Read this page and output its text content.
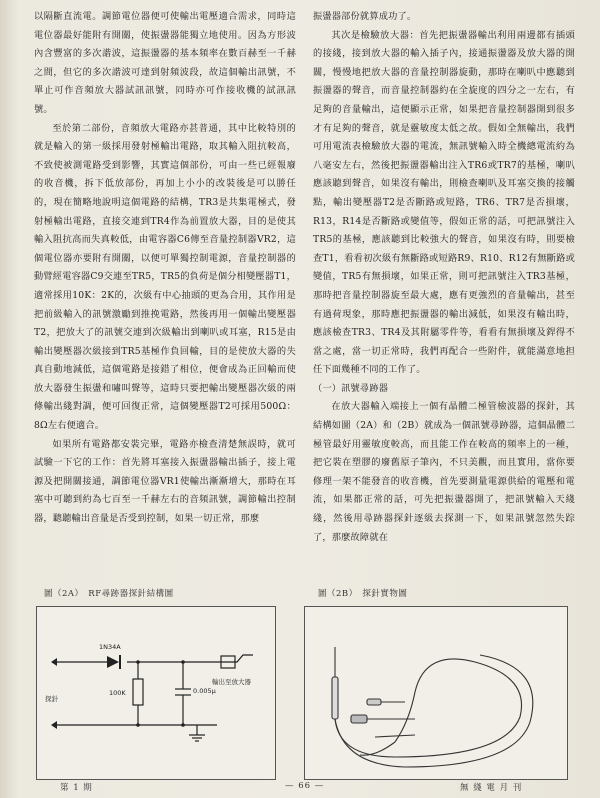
以隔斷直流電。調節電位器便可使輸出電壓適合需求，同時這電位器最好能附有開關，使振盪器能獨立地使用。因為方形波內含豐富的多次諧波，這振盪器的基本頻率在數百赫至一千赫之間，但它的多次諧波可達到射頻波段，故這個輸出訊號，不單止可作音頻放大器試訊訊號，同時亦可作接收機的試訊訊號。

至於第二部份，音頻放大電路亦甚普通，其中比較特別的就是輸入的第一級採用發射極輸出電路，取其輸入阻抗較高，不致使被測電路受到影響，其實這個部份，可由一些已經報廢的收音機，拆下低放部份，再加上小小的改裝後是可以勝任的，現在簡略地說明這個電路的結構，TR3是共集電極式，發射極輸出電路，直接交連到TR4作為前置放大器，目的是使其輸入阻抗高而失真較低，由電容器C6傳至音量控制器VR2，這個電位器亦要附有開關，以便可單獨控制電源，音量控制器的動臂經電容器C9交連至TR5，TR5的負荷是個分相變壓器T1，適常採用10K：2K的，次級有中心抽頭的更為合用，其作用是把前級輸入的訊號激勵到推挽電路，然後再用一個輸出變壓器T2，把放大了的訊號交連到次級輸出到喇叭或耳塞，R15是由輸出變壓器次級接到TR5基極作負回輸，目的是使放大器的失真自動地減低，這個電路是接錯了相位，便會成為正回輸而使放大器發生振盪和嘯叫聲等，這時只要把輸出變壓器次級的兩條輸出綫對調，便可回復正常，這個變壓器T2可採用500Ω：8Ω左右便適合。

如果所有電路都安裝完畢，電路亦檢查清楚無誤時，就可試驗一下它的工作：首先將耳塞接入振盪器輸出插子，接上電源及把開關接通，調節電位器VR1使輸出漸漸增大，那時在耳塞中可聽到約為七百至一千赫左右的音頻訊號，調節輸出控制器，聽聽輸出音量是否受到控制，如果一切正常，那麼

振盪器部份就算成功了。

其次是檢驗放大器：首先把振盪器輸出利用兩邊都有插頭的接綫，接到放大器的輸入插子內，接通振盪器及放大器的開關，慢慢地把放大器的音量控制器旋動，那時在喇叭中應聽到振盪器的聲音，而音量控制器約在全旋度的四分之一左右，有足夠的音量輸出，這便顯示正常，如果把音量控制器開到很多才有足夠的聲音，就是靈敏度太低之故。假如全無輸出，我們可用電流表檢驗放大器的電流，無訊號輸入時全機總電流約為八毫安左右，然後把振盪器輸出注入TR6或TR7的基極，喇叭應該聽到聲音，如果沒有輸出，則檢查喇叭及耳塞交換的接觸點，輸出變壓器T2是否斷路或短路，TR6、TR7是否損壞，R13，R14是否斷路或變值等，假如正常的話，可把訊號注入TR5的基極，應該聽到比較強大的聲音，如果沒有時，則要檢查T1，看看初次級有無斷路或短路R9、R10、R12有無斷路或變值，TR5有無損壞，如果正常，則可把訊號注入TR3基極，那時把音量控制器旋至最大處，應有更強烈的音量輸出，甚至有過荷現象，那時應把振盪器的輸出減低，如果沒有輸出時，應該檢查TR3、TR4及其附屬零件等，看看有無損壞及銲得不當之處，當一切正常時，我們再配合一些附件，就能滿意地担任下面幾種不同的工作了。

（一）訊號尋跡器

在放大器輸入端接上一個有晶體二極管檢波器的探針，其結構如圖（2A）和（2B）就成為一個訊號尋跡器，這個晶體二極管最好用靈敏度較高，而且能工作在較高的頻率上的一種，把它裝在塑膠的廢舊原子筆內，不只美觀，而且實用，當你要修理一架不能發音的收音機，首先要測量電源供給的電壓和電流，如果都正常的話，可先把振盪器開了，把訊號輸入天綫綫，然後用尋跡器探針逐級去探測一下，如果訊號忽然失踪了，那麼故障就在

圖（2A）　RF尋跡器探針結構圖	圖（2B）　探針實物圖
1N34A
100K	0.005μ
探針
輸出至放大器
第 1 期	— 66 —	無 綫 電 月 刊
